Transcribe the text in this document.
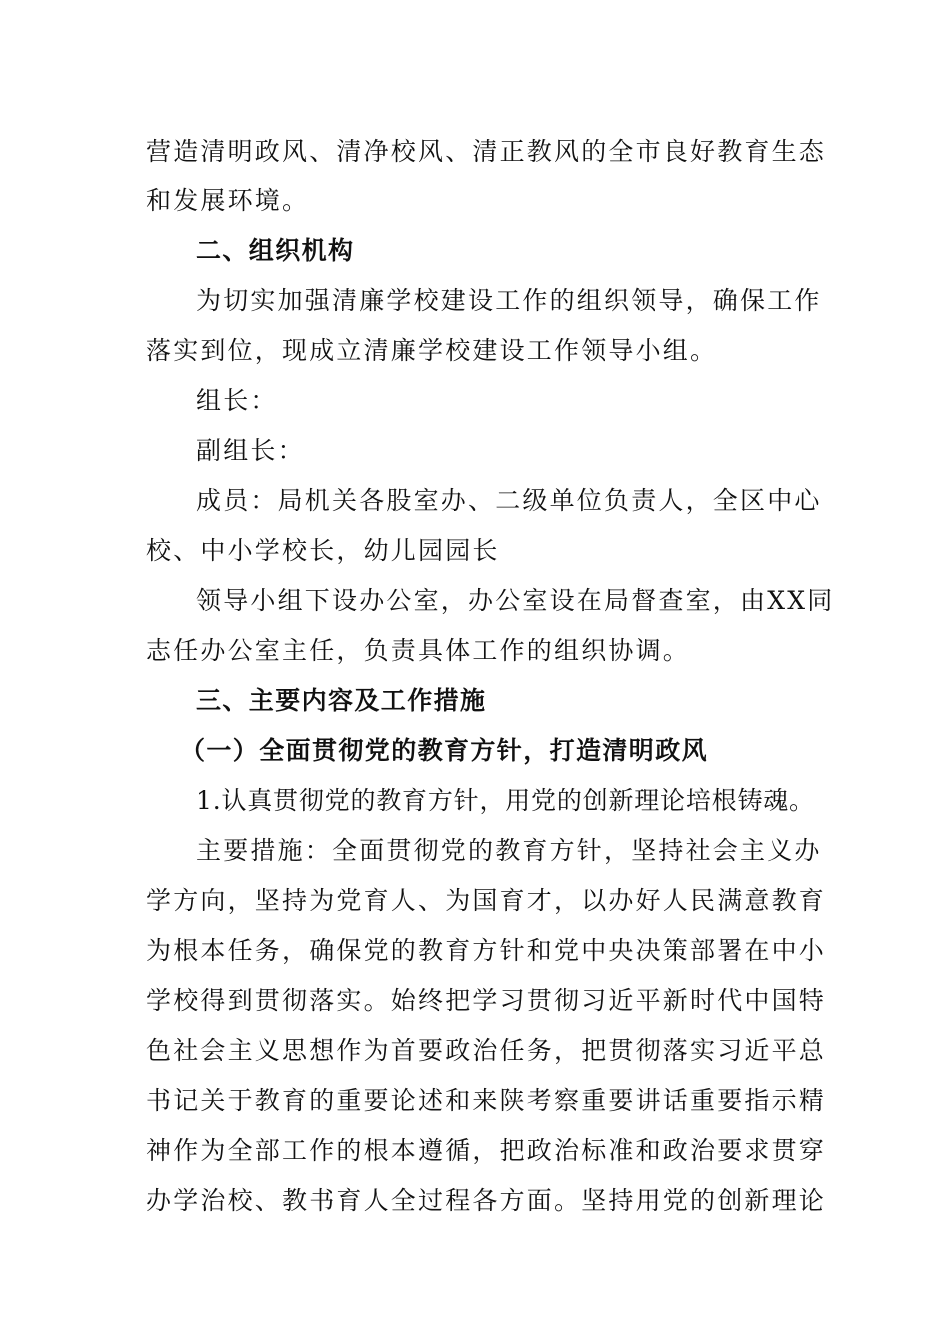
营造清明政风、清净校风、清正教风的全市良好教育生态
和发展环境。
二、组织机构
为切实加强清廉学校建设工作的组织领导，确保工作
落实到位，现成立清廉学校建设工作领导小组。
组长：
副组长：
成员：局机关各股室办、二级单位负责人，全区中心
校、中小学校长，幼儿园园长
领导小组下设办公室，办公室设在局督查室，由XX同
志任办公室主任，负责具体工作的组织协调。
三、主要内容及工作措施
（一）全面贯彻党的教育方针，打造清明政风
1.认真贯彻党的教育方针，用党的创新理论培根铸魂。
主要措施：全面贯彻党的教育方针，坚持社会主义办
学方向，坚持为党育人、为国育才，以办好人民满意教育
为根本任务，确保党的教育方针和党中央决策部署在中小
学校得到贯彻落实。始终把学习贯彻习近平新时代中国特
色社会主义思想作为首要政治任务，把贯彻落实习近平总
书记关于教育的重要论述和来陕考察重要讲话重要指示精
神作为全部工作的根本遵循，把政治标准和政治要求贯穿
办学治校、教书育人全过程各方面。坚持用党的创新理论
